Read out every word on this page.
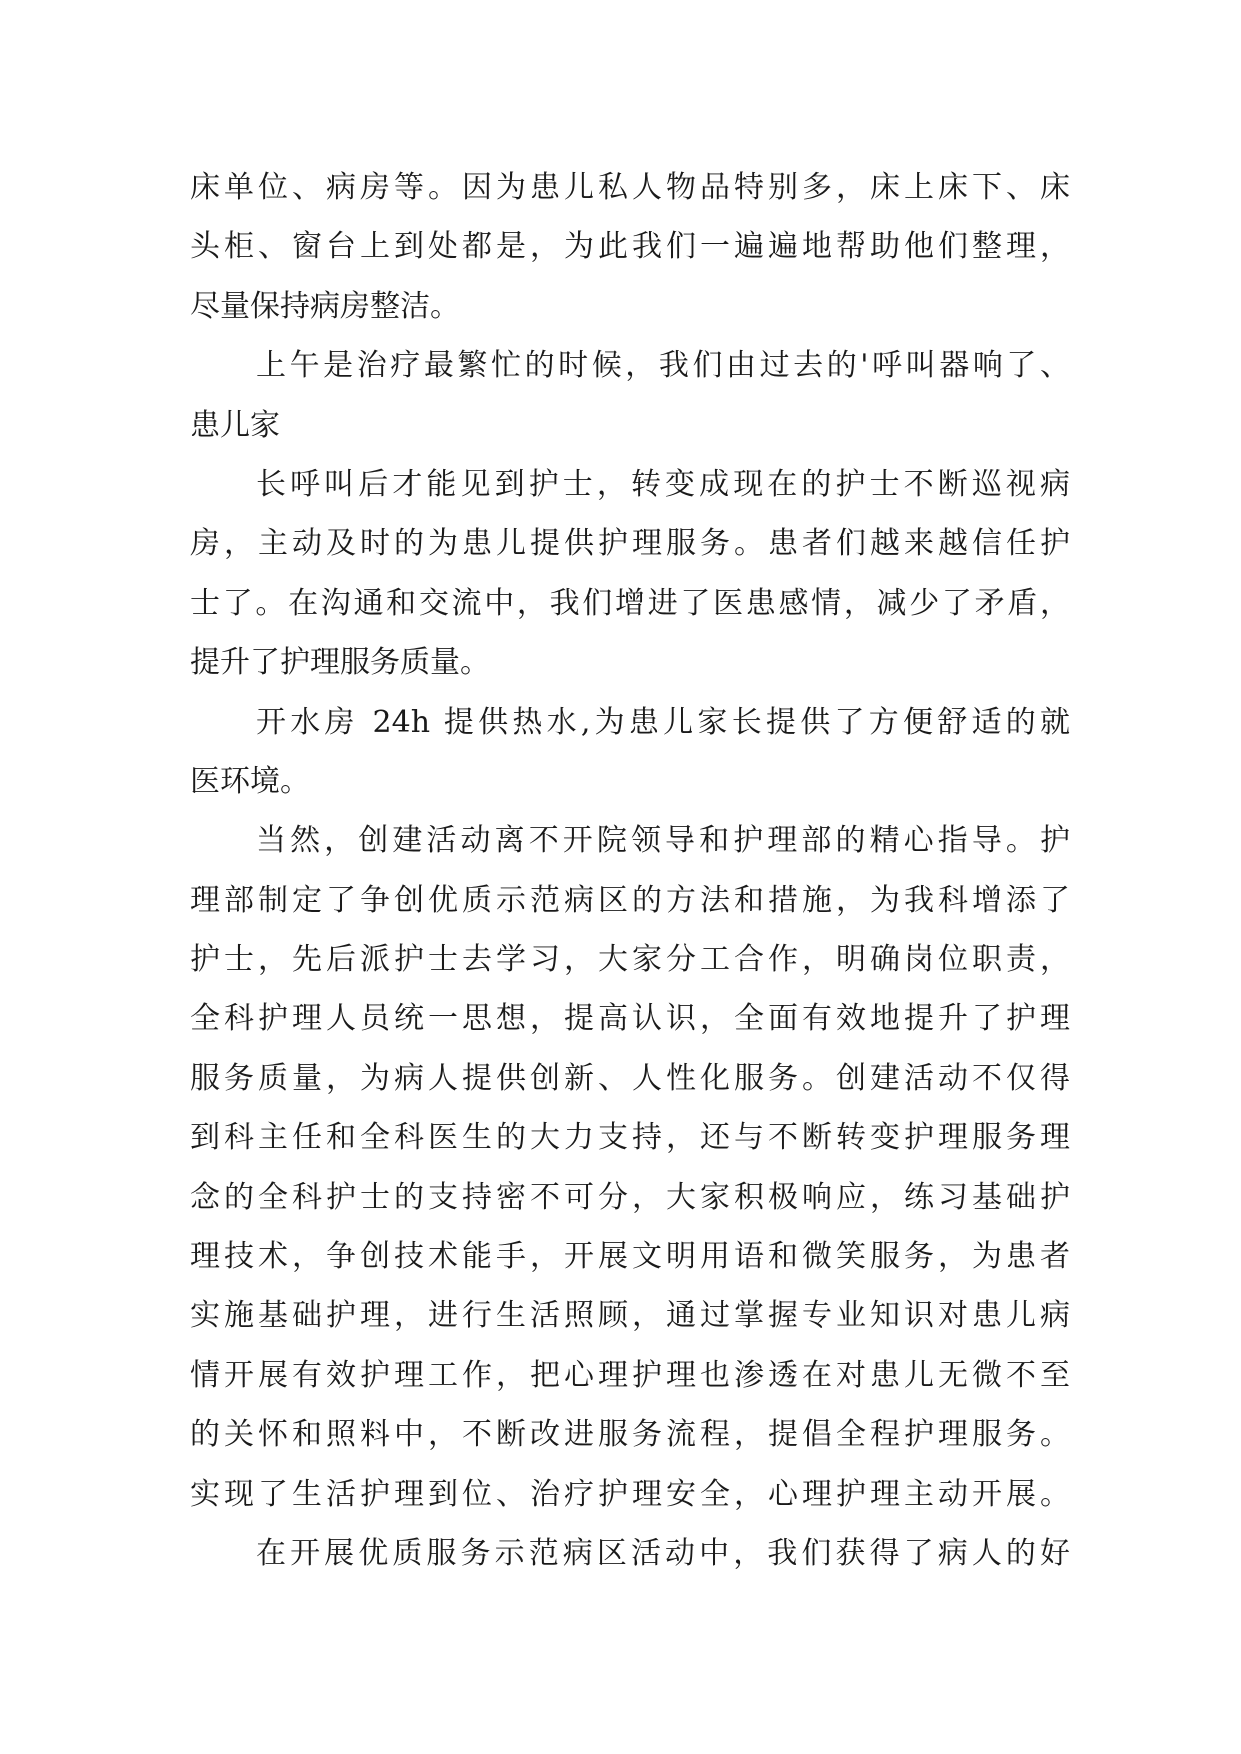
床单位、病房等。因为患儿私人物品特别多，床上床下、床
头柜、窗台上到处都是，为此我们一遍遍地帮助他们整理，
尽量保持病房整洁。
上午是治疗最繁忙的时候，我们由过去的'呼叫器响了、
患儿家
长呼叫后才能见到护士，转变成现在的护士不断巡视病
房，主动及时的为患儿提供护理服务。患者们越来越信任护
士了。在沟通和交流中，我们增进了医患感情，减少了矛盾，
提升了护理服务质量。
开水房 24h 提供热水,为患儿家长提供了方便舒适的就
医环境。
当然，创建活动离不开院领导和护理部的精心指导。护
理部制定了争创优质示范病区的方法和措施，为我科增添了
护士，先后派护士去学习，大家分工合作，明确岗位职责，
全科护理人员统一思想，提高认识，全面有效地提升了护理
服务质量，为病人提供创新、人性化服务。创建活动不仅得
到科主任和全科医生的大力支持，还与不断转变护理服务理
念的全科护士的支持密不可分，大家积极响应，练习基础护
理技术，争创技术能手，开展文明用语和微笑服务，为患者
实施基础护理，进行生活照顾，通过掌握专业知识对患儿病
情开展有效护理工作，把心理护理也渗透在对患儿无微不至
的关怀和照料中，不断改进服务流程，提倡全程护理服务。
实现了生活护理到位、治疗护理安全，心理护理主动开展。
在开展优质服务示范病区活动中，我们获得了病人的好
